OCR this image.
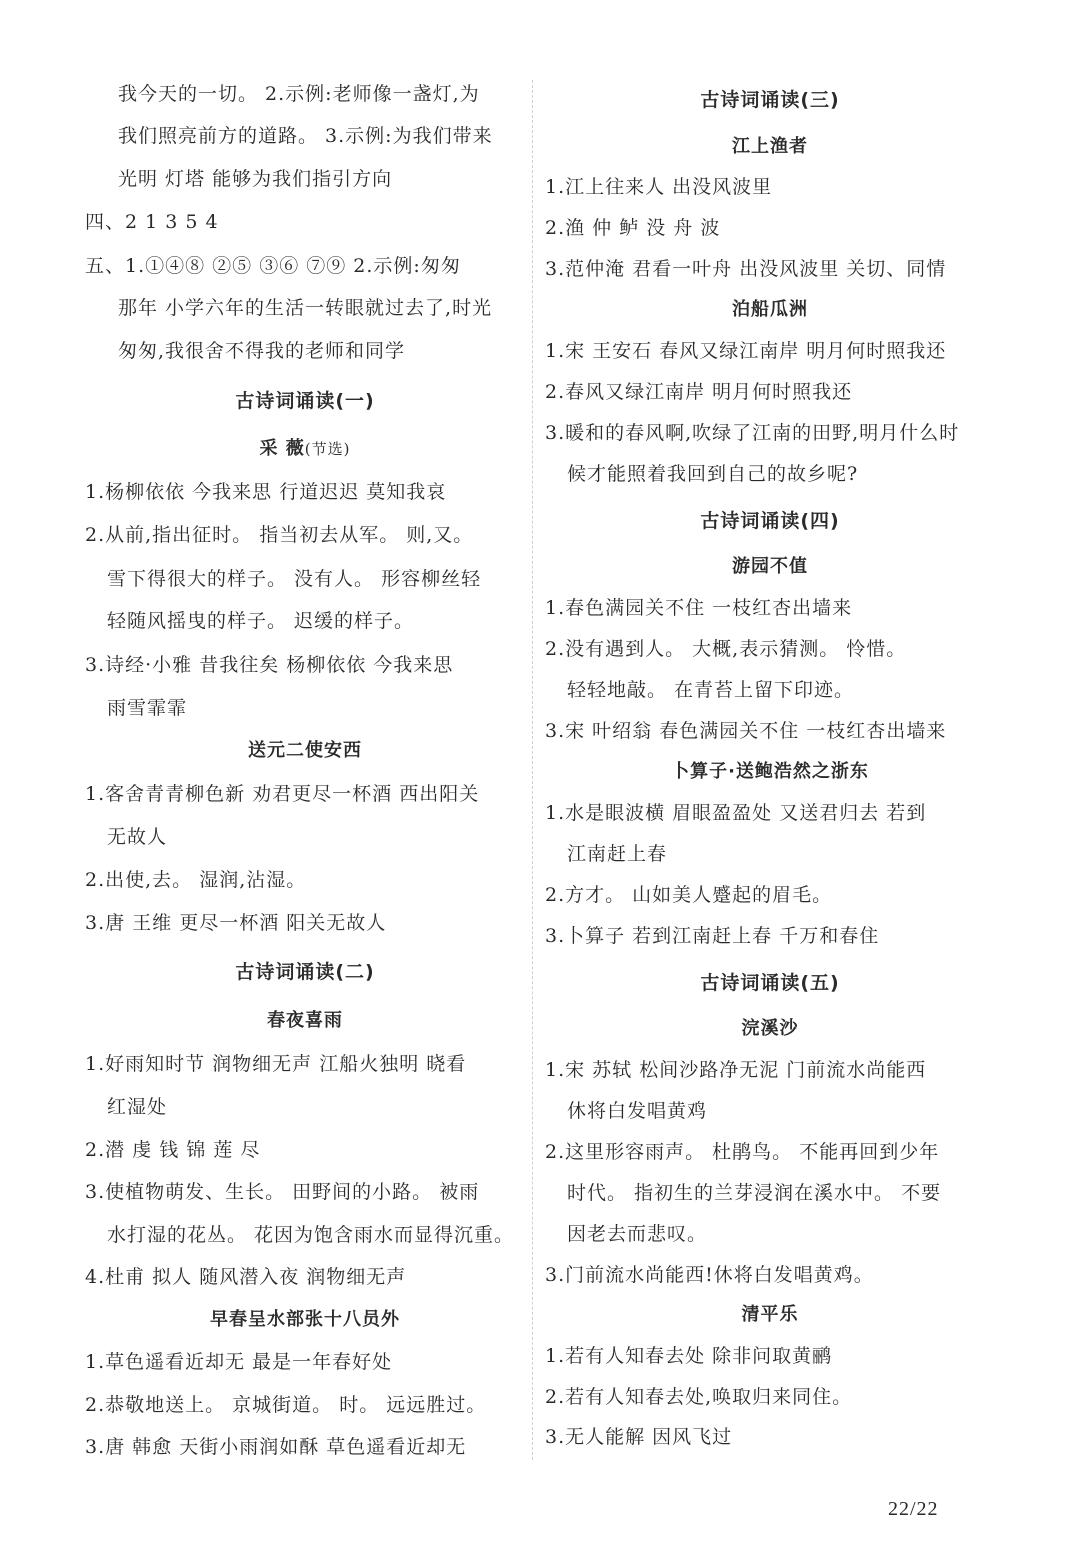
我今天的一切。 2.示例:老师像一盏灯,为
我们照亮前方的道路。 3.示例:为我们带来
光明 灯塔 能够为我们指引方向
四、2 1 3 5 4
五、1.①④⑧ ②⑤ ③⑥ ⑦⑨ 2.示例:匆匆
那年 小学六年的生活一转眼就过去了,时光
匆匆,我很舍不得我的老师和同学
古诗词诵读(一)
采 薇(节选)
1.杨柳依依 今我来思 行道迟迟 莫知我哀
2.从前,指出征时。 指当初去从军。 则,又。
雪下得很大的样子。 没有人。 形容柳丝轻
轻随风摇曳的样子。 迟缓的样子。
3.诗经·小雅 昔我往矣 杨柳依依 今我来思
雨雪霏霏
送元二使安西
1.客舍青青柳色新 劝君更尽一杯酒 西出阳关
无故人
2.出使,去。 湿润,沾湿。
3.唐 王维 更尽一杯酒 阳关无故人
古诗词诵读(二)
春夜喜雨
1.好雨知时节 润物细无声 江船火独明 晓看
红湿处
2.潜 虔 钱 锦 莲 尽
3.使植物萌发、生长。 田野间的小路。 被雨
水打湿的花丛。 花因为饱含雨水而显得沉重。
4.杜甫 拟人 随风潜入夜 润物细无声
早春呈水部张十八员外
1.草色遥看近却无 最是一年春好处
2.恭敬地送上。 京城街道。 时。 远远胜过。
3.唐 韩愈 天街小雨润如酥 草色遥看近却无
古诗词诵读(三)
江上渔者
1.江上往来人 出没风波里
2.渔 仲 鲈 没 舟 波
3.范仲淹 君看一叶舟 出没风波里 关切、同情
泊船瓜洲
1.宋 王安石 春风又绿江南岸 明月何时照我还
2.春风又绿江南岸 明月何时照我还
3.暖和的春风啊,吹绿了江南的田野,明月什么时
候才能照着我回到自己的故乡呢?
古诗词诵读(四)
游园不值
1.春色满园关不住 一枝红杏出墙来
2.没有遇到人。 大概,表示猜测。 怜惜。
轻轻地敲。 在青苔上留下印迹。
3.宋 叶绍翁 春色满园关不住 一枝红杏出墙来
卜算子·送鲍浩然之浙东
1.水是眼波横 眉眼盈盈处 又送君归去 若到
江南赶上春
2.方才。 山如美人蹙起的眉毛。
3.卜算子 若到江南赶上春 千万和春住
古诗词诵读(五)
浣溪沙
1.宋 苏轼 松间沙路净无泥 门前流水尚能西
休将白发唱黄鸡
2.这里形容雨声。 杜鹃鸟。 不能再回到少年
时代。 指初生的兰芽浸润在溪水中。 不要
因老去而悲叹。
3.门前流水尚能西!休将白发唱黄鸡。
清平乐
1.若有人知春去处 除非问取黄鹂
2.若有人知春去处,唤取归来同住。
3.无人能解 因风飞过
22/22
